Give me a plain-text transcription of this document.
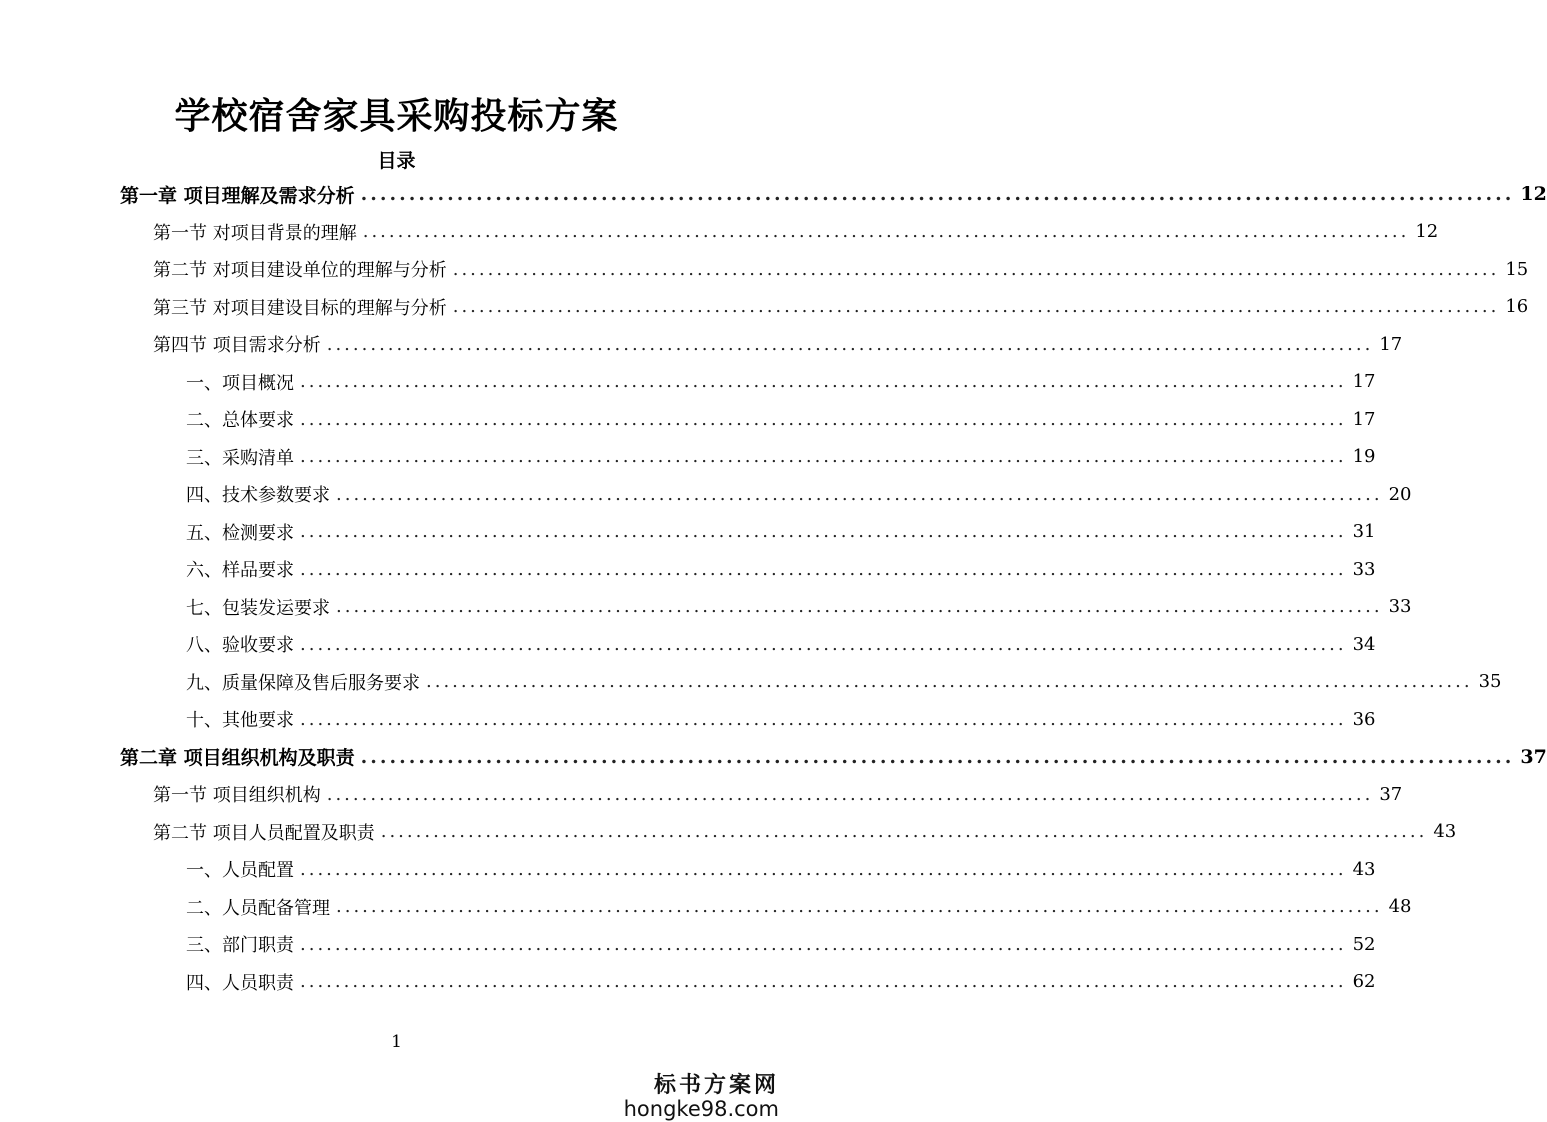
学校宿舍家具采购投标方案
目录
第一章 项目理解及需求分析 ........................................................................................................................ 12
第一节 对项目背景的理解 ........................................................................................................................ 12
第二节 对项目建设单位的理解与分析 ........................................................................................................................ 15
第三节 对项目建设目标的理解与分析 ........................................................................................................................ 16
第四节 项目需求分析 ........................................................................................................................ 17
一、项目概况 ........................................................................................................................ 17
二、总体要求 ........................................................................................................................ 17
三、采购清单 ........................................................................................................................ 19
四、技术参数要求 ........................................................................................................................ 20
五、检测要求 ........................................................................................................................ 31
六、样品要求 ........................................................................................................................ 33
七、包装发运要求 ........................................................................................................................ 33
八、验收要求 ........................................................................................................................ 34
九、质量保障及售后服务要求 ........................................................................................................................ 35
十、其他要求 ........................................................................................................................ 36
第二章 项目组织机构及职责 ........................................................................................................................ 37
第一节 项目组织机构 ........................................................................................................................ 37
第二节 项目人员配置及职责 ........................................................................................................................ 43
一、人员配置 ........................................................................................................................ 43
二、人员配备管理 ........................................................................................................................ 48
三、部门职责 ........................................................................................................................ 52
四、人员职责 ........................................................................................................................ 62
1
标书方案网
hongke98.com
